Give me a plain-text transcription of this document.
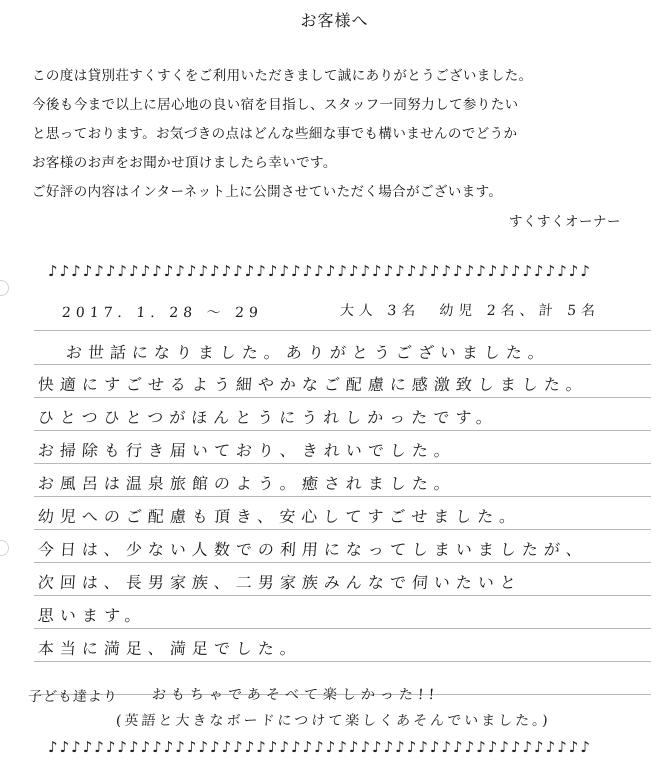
お客様へ
この度は貸別荘すくすくをご利用いただきまして誠にありがとうございました。
今後も今まで以上に居心地の良い宿を目指し、スタッフ一同努力して参りたい
と思っております。お気づきの点はどんな些細な事でも構いませんのでどうか
お客様のお声をお聞かせ頂けましたら幸いです。
ご好評の内容はインターネット上に公開させていただく場合がございます。
すくすくオーナー
♪♪♪♪♪♪♪♪♪♪♪♪♪♪♪♪♪♪♪♪♪♪♪♪♪♪♪♪♪♪♪♪♪♪♪♪♪♪♪♪♪♪♪♪♪♪♪
2017. 1. 28 〜 29	大人 3名　幼児 2名、計 5名
お世話になりました。ありがとうございました。
快適にすごせるよう細やかなご配慮に感激致しました。
ひとつひとつがほんとうにうれしかったです。
お掃除も行き届いており、きれいでした。
お風呂は温泉旅館のよう。癒されました。
幼児へのご配慮も頂き、安心してすごせました。
今日は、少ない人数での利用になってしまいましたが、
次回は、長男家族、二男家族みんなで伺いたいと
思います。
本当に満足、満足でした。
子ども達より おもちゃであそべて楽しかった!!
(英語と大きなボードにつけて楽しくあそんでいました。)
♪♪♪♪♪♪♪♪♪♪♪♪♪♪♪♪♪♪♪♪♪♪♪♪♪♪♪♪♪♪♪♪♪♪♪♪♪♪♪♪♪♪♪♪♪♪♪
